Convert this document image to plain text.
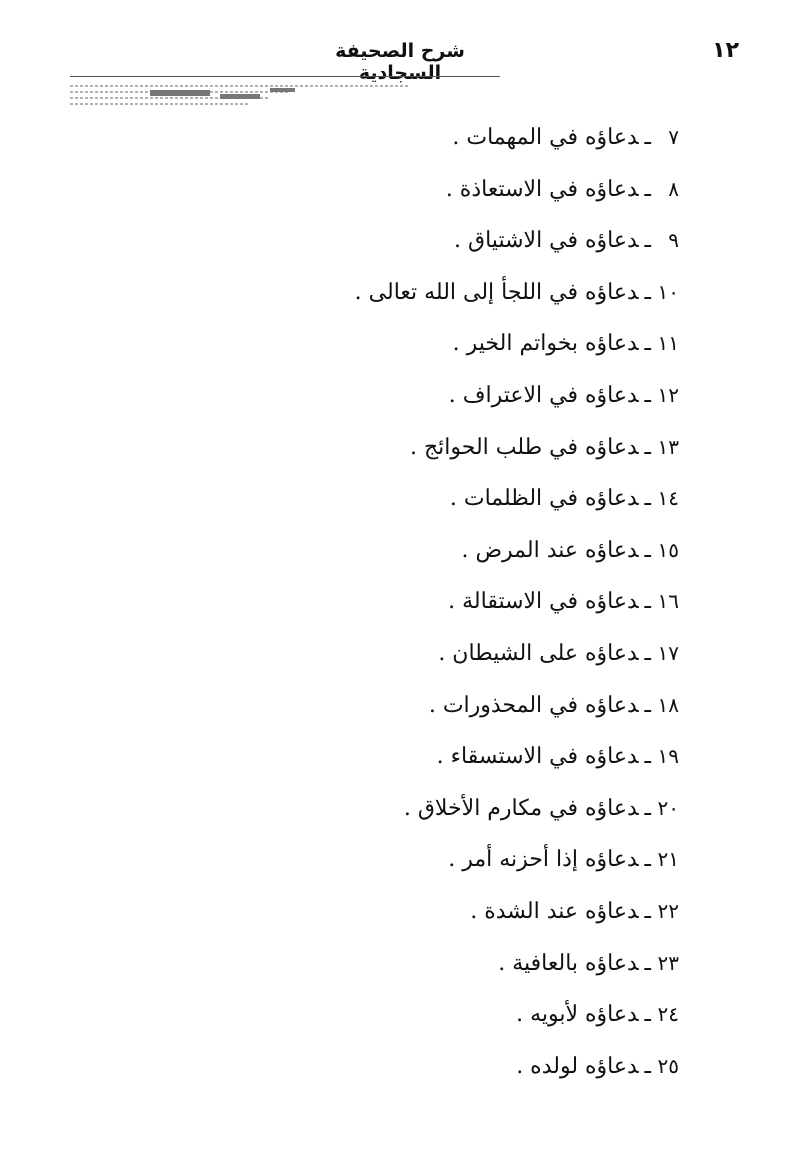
١٢
شرح الصحيفة السجادية
٧ـدعاؤه في المهمات .
٨ـدعاؤه في الاستعاذة .
٩ـدعاؤه في الاشتياق .
١٠ـدعاؤه في اللجأ إلى الله تعالى .
١١ـدعاؤه بخواتم الخير .
١٢ـدعاؤه في الاعتراف .
١٣ـدعاؤه في طلب الحوائج .
١٤ـدعاؤه في الظلمات .
١٥ـدعاؤه عند المرض .
١٦ـدعاؤه في الاستقالة .
١٧ـدعاؤه على الشيطان .
١٨ـدعاؤه في المحذورات .
١٩ـدعاؤه في الاستسقاء .
٢٠ـدعاؤه في مكارم الأخلاق .
٢١ـدعاؤه إذا أحزنه أمر .
٢٢ـدعاؤه عند الشدة .
٢٣ـدعاؤه بالعافية .
٢٤ـدعاؤه لأبويه .
٢٥ـدعاؤه لولده .
